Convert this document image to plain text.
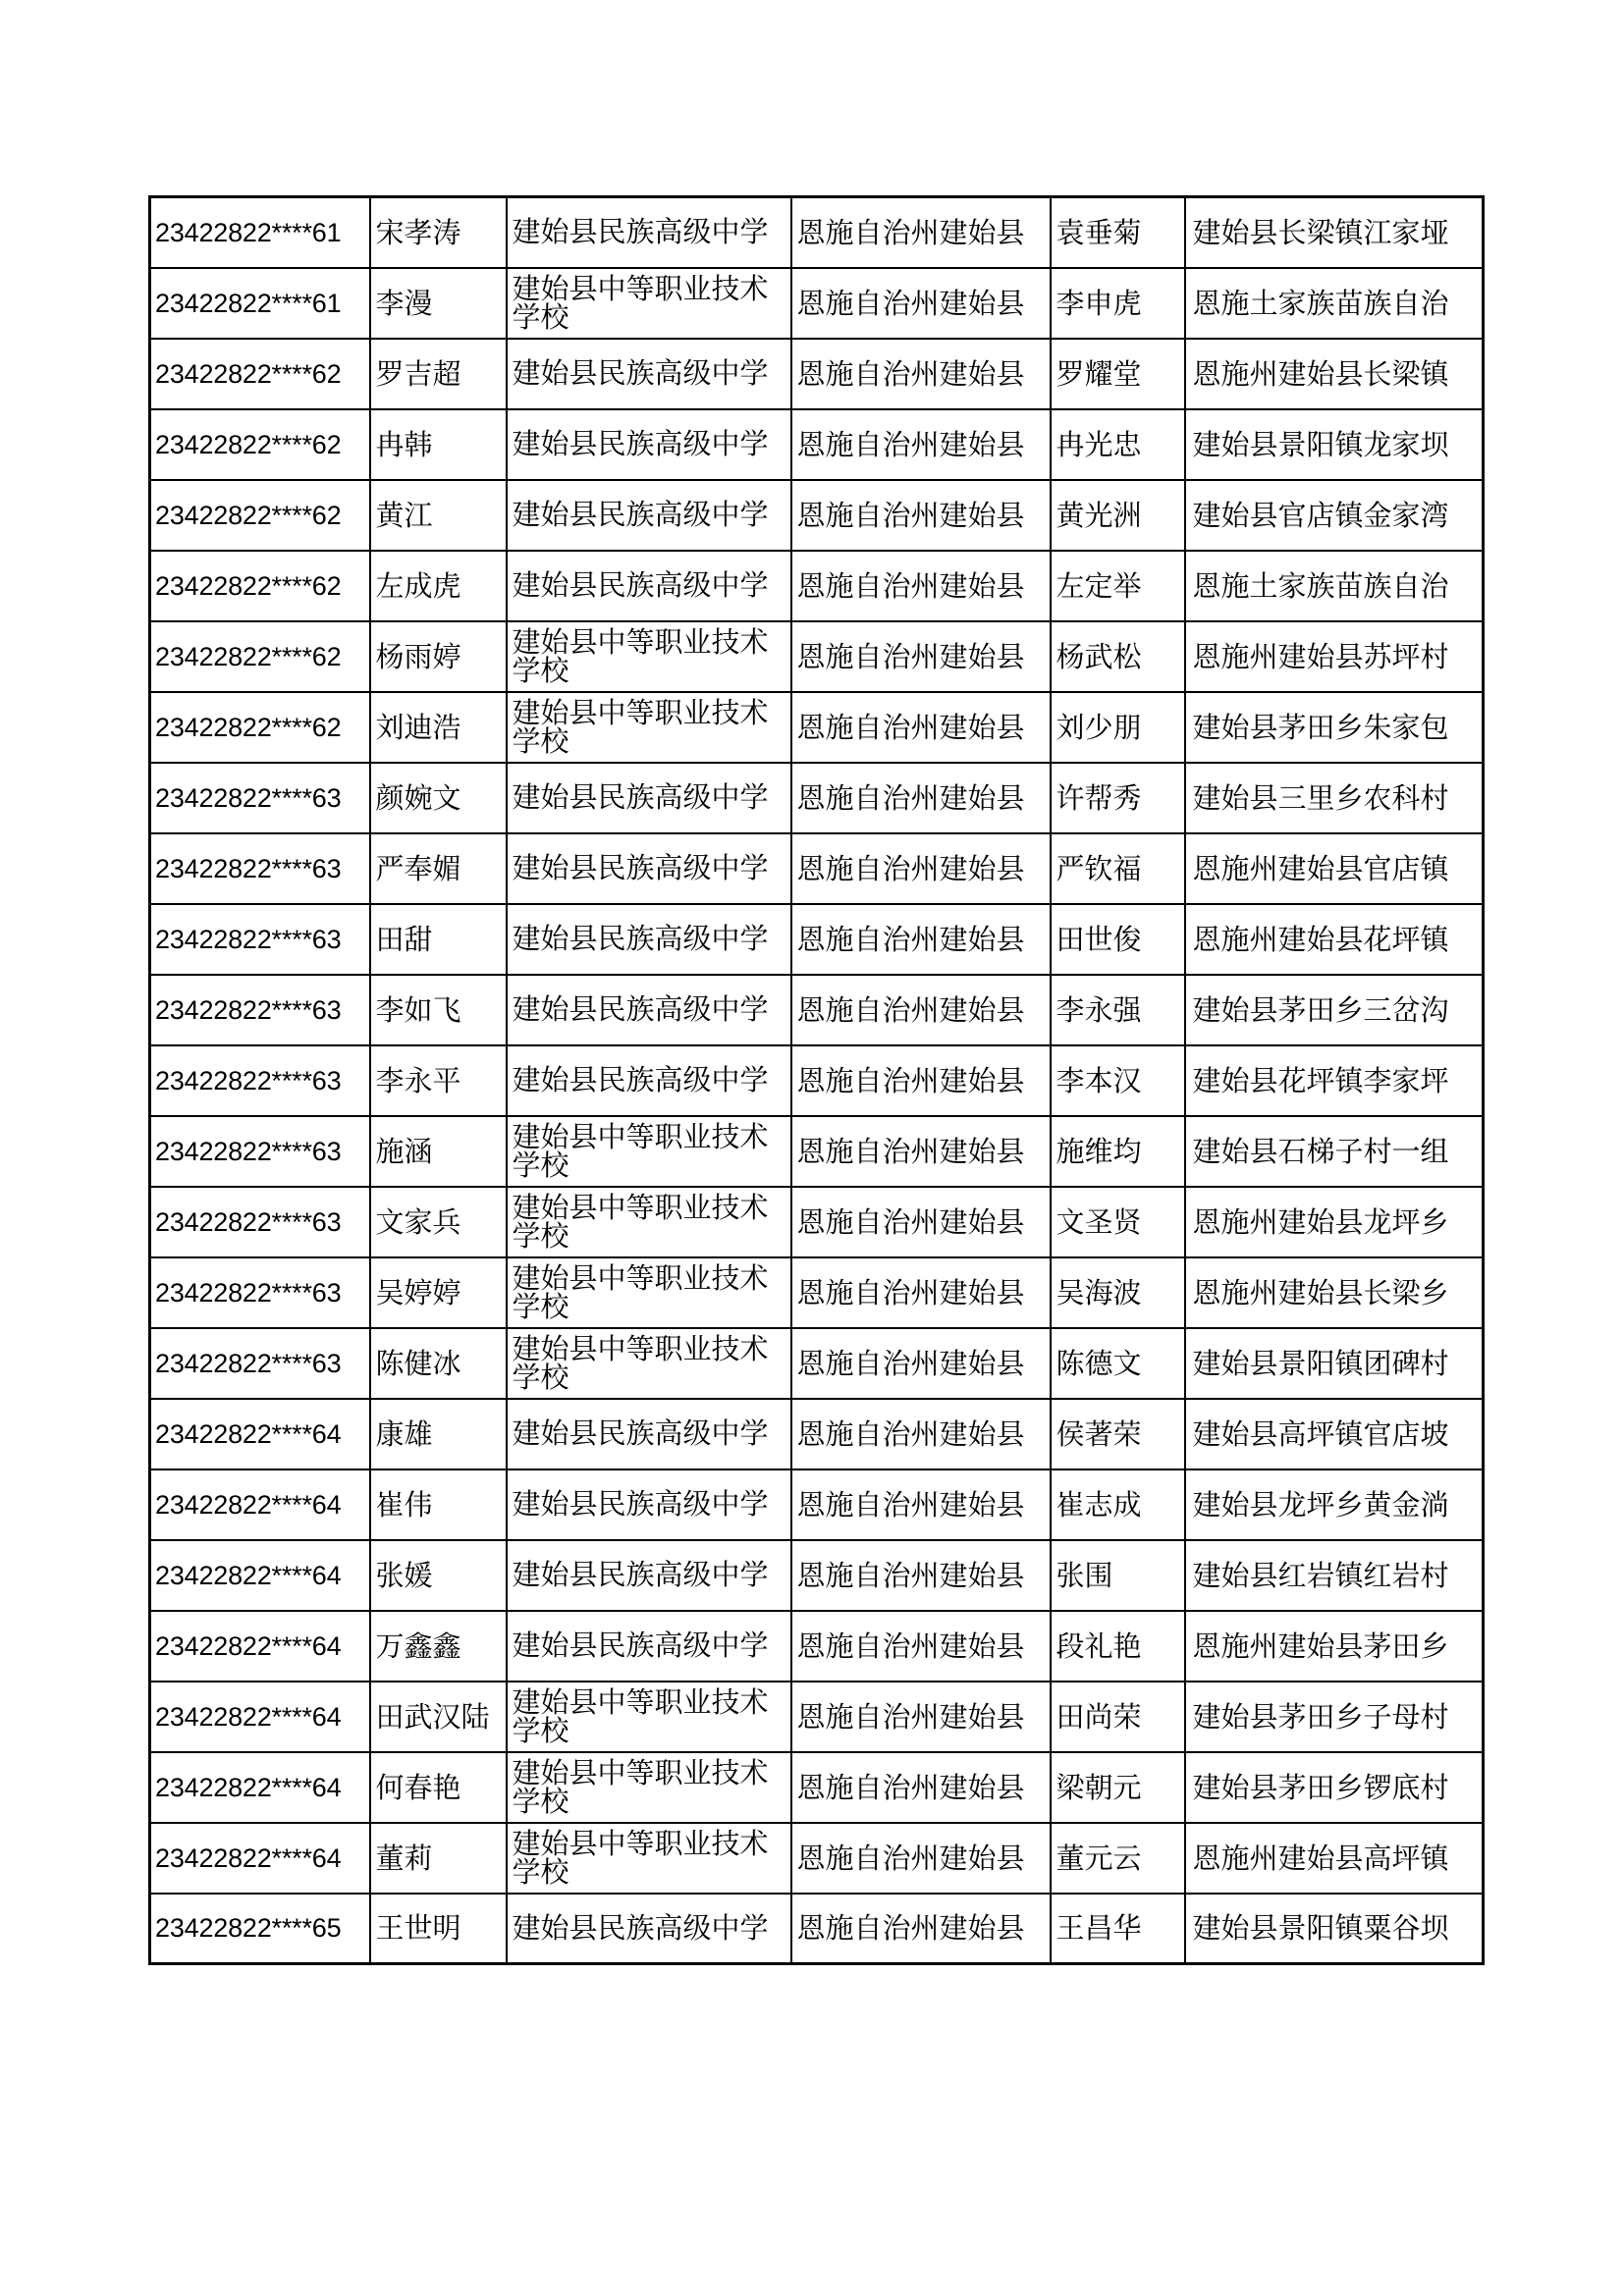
23422822****61	宋孝涛	建始县民族高级中学	恩施自治州建始县	袁垂菊	建始县长梁镇江家垭
23422822****61	李漫	建始县中等职业技术学校	恩施自治州建始县	李申虎	恩施土家族苗族自治
23422822****62	罗吉超	建始县民族高级中学	恩施自治州建始县	罗耀堂	恩施州建始县长梁镇
23422822****62	冉韩	建始县民族高级中学	恩施自治州建始县	冉光忠	建始县景阳镇龙家坝
23422822****62	黄江	建始县民族高级中学	恩施自治州建始县	黄光洲	建始县官店镇金家湾
23422822****62	左成虎	建始县民族高级中学	恩施自治州建始县	左定举	恩施土家族苗族自治
23422822****62	杨雨婷	建始县中等职业技术学校	恩施自治州建始县	杨武松	恩施州建始县苏坪村
23422822****62	刘迪浩	建始县中等职业技术学校	恩施自治州建始县	刘少朋	建始县茅田乡朱家包
23422822****63	颜婉文	建始县民族高级中学	恩施自治州建始县	许帮秀	建始县三里乡农科村
23422822****63	严奉媚	建始县民族高级中学	恩施自治州建始县	严钦福	恩施州建始县官店镇
23422822****63	田甜	建始县民族高级中学	恩施自治州建始县	田世俊	恩施州建始县花坪镇
23422822****63	李如飞	建始县民族高级中学	恩施自治州建始县	李永强	建始县茅田乡三岔沟
23422822****63	李永平	建始县民族高级中学	恩施自治州建始县	李本汉	建始县花坪镇李家坪
23422822****63	施涵	建始县中等职业技术学校	恩施自治州建始县	施维均	建始县石梯子村一组
23422822****63	文家兵	建始县中等职业技术学校	恩施自治州建始县	文圣贤	恩施州建始县龙坪乡
23422822****63	吴婷婷	建始县中等职业技术学校	恩施自治州建始县	吴海波	恩施州建始县长梁乡
23422822****63	陈健冰	建始县中等职业技术学校	恩施自治州建始县	陈德文	建始县景阳镇团碑村
23422822****64	康雄	建始县民族高级中学	恩施自治州建始县	侯著荣	建始县高坪镇官店坡
23422822****64	崔伟	建始县民族高级中学	恩施自治州建始县	崔志成	建始县龙坪乡黄金淌
23422822****64	张媛	建始县民族高级中学	恩施自治州建始县	张围	建始县红岩镇红岩村
23422822****64	万鑫鑫	建始县民族高级中学	恩施自治州建始县	段礼艳	恩施州建始县茅田乡
23422822****64	田武汉陆	建始县中等职业技术学校	恩施自治州建始县	田尚荣	建始县茅田乡子母村
23422822****64	何春艳	建始县中等职业技术学校	恩施自治州建始县	梁朝元	建始县茅田乡锣底村
23422822****64	董莉	建始县中等职业技术学校	恩施自治州建始县	董元云	恩施州建始县高坪镇
23422822****65	王世明	建始县民族高级中学	恩施自治州建始县	王昌华	建始县景阳镇粟谷坝
